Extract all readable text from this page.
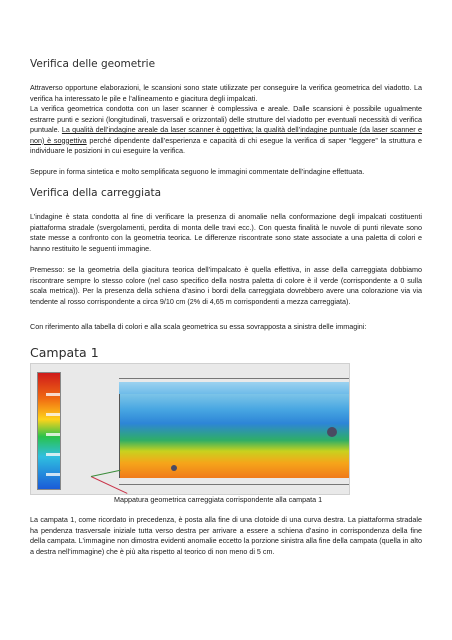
Verifica delle geometrie

Attraverso opportune elaborazioni, le scansioni sono state utilizzate per conseguire la verifica geometrica del viadotto. La verifica ha interessato le pile e l’allineamento e giacitura degli impalcati.

La verifica geometrica condotta con un laser scanner è complessiva e areale. Dalle scansioni è possibile ugualmente estrarre punti e sezioni (longitudinali, trasversali e orizzontali) delle strutture del viadotto per eventuali necessità di verifica puntuale. La qualità dell’indagine areale da laser scanner è oggettiva; la qualità dell’indagine puntuale (da laser scanner e non) è soggettiva perché dipendente dall’esperienza e capacità di chi esegue la verifica di saper “leggere” la struttura e individuare le posizioni in cui eseguire la verifica.

Seppure in forma sintetica e molto semplificata seguono le immagini commentate dell’indagine effettuata.

Verifica della carreggiata

L’indagine è stata condotta al fine di verificare la presenza di anomalie nella conformazione degli impalcati costituenti piattaforma stradale (svergolamenti, perdita di monta delle travi ecc.). Con questa finalità le nuvole di punti rilevate sono state messe a confronto con la geometria teorica. Le differenze riscontrate sono state associate a una paletta di colori e hanno restituito le seguenti immagine.

Premesso: se la geometria della giacitura teorica dell’impalcato è quella effettiva, in asse della carreggiata dobbiamo riscontrare sempre lo stesso colore (nel caso specifico della nostra paletta di colore è il verde (corrispondente a 0 sulla scala metrica)). Per la presenza della schiena d’asino i bordi della carreggiata dovrebbero avere una colorazione via via tendente al rosso corrispondente a circa 9/10 cm (2% di 4,65 m corrispondenti a mezza carreggiata).

Con riferimento alla tabella di colori e alla scala geometrica su essa sovrapposta a sinistra delle immagini:

Campata 1
Mappatura geometrica carreggiata corrispondente alla campata 1

La campata 1, come ricordato in precedenza, è posta alla fine di una clotoide di una curva destra. La piattaforma stradale ha pendenza trasversale iniziale tutta verso destra per arrivare a essere a schiena d’asino in corrispondenza della fine della campata. L’immagine non dimostra evidenti anomalie eccetto la porzione sinistra alla fine della campata (quella in alto a destra nell’immagine) che è più alta rispetto al teorico di non meno di 5 cm.
